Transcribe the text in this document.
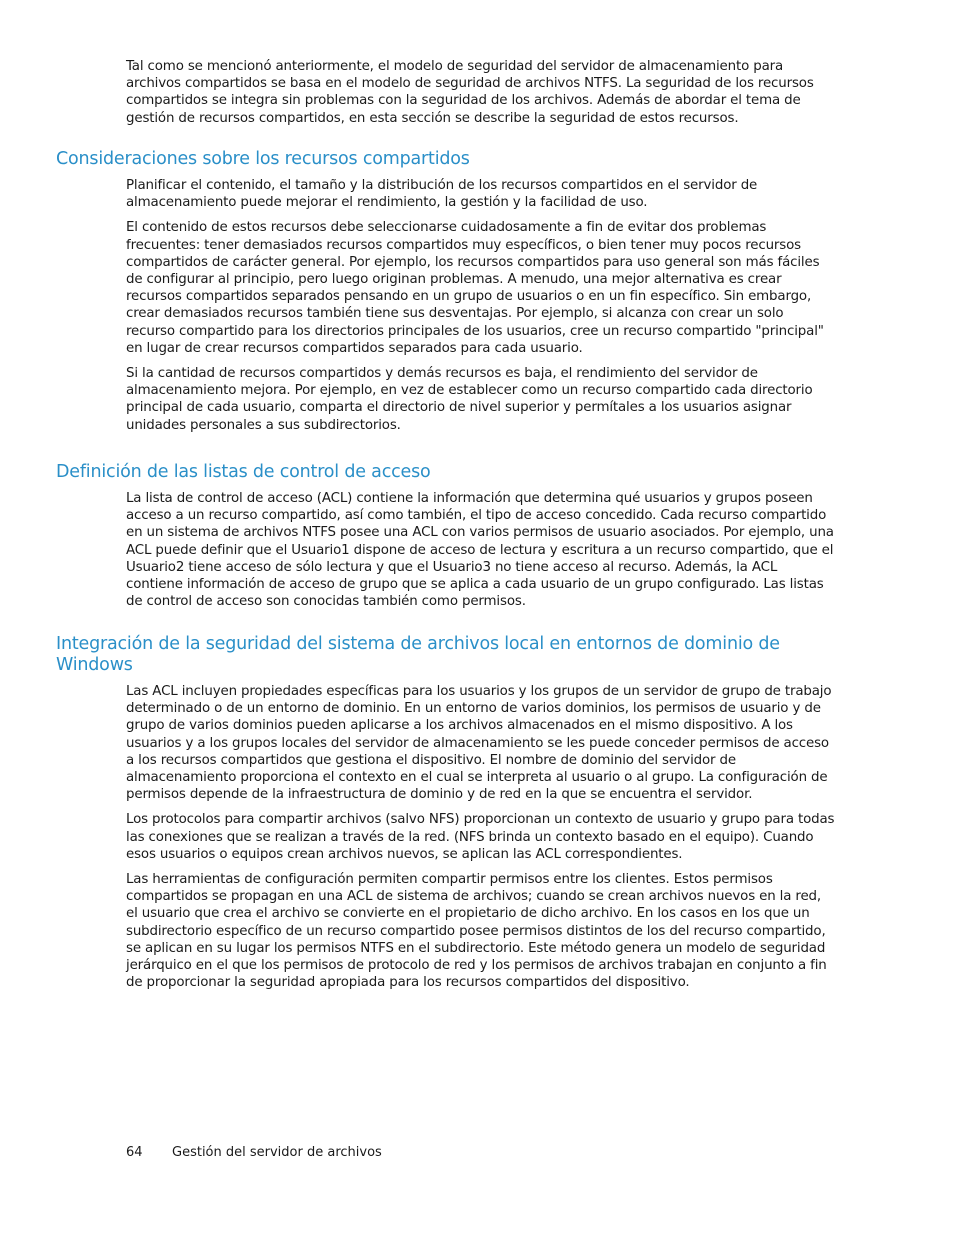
Tal como se mencionó anteriormente, el modelo de seguridad del servidor de almacenamiento para archivos compartidos se basa en el modelo de seguridad de archivos NTFS. La seguridad de los recursos compartidos se integra sin problemas con la seguridad de los archivos. Además de abordar el tema de gestión de recursos compartidos, en esta sección se describe la seguridad de estos recursos.

Consideraciones sobre los recursos compartidos

Planificar el contenido, el tamaño y la distribución de los recursos compartidos en el servidor de almacenamiento puede mejorar el rendimiento, la gestión y la facilidad de uso.

El contenido de estos recursos debe seleccionarse cuidadosamente a fin de evitar dos problemas frecuentes: tener demasiados recursos compartidos muy específicos, o bien tener muy pocos recursos compartidos de carácter general. Por ejemplo, los recursos compartidos para uso general son más fáciles de configurar al principio, pero luego originan problemas. A menudo, una mejor alternativa es crear recursos compartidos separados pensando en un grupo de usuarios o en un fin específico. Sin embargo, crear demasiados recursos también tiene sus desventajas. Por ejemplo, si alcanza con crear un solo recurso compartido para los directorios principales de los usuarios, cree un recurso compartido "principal" en lugar de crear recursos compartidos separados para cada usuario.

Si la cantidad de recursos compartidos y demás recursos es baja, el rendimiento del servidor de almacenamiento mejora. Por ejemplo, en vez de establecer como un recurso compartido cada directorio principal de cada usuario, comparta el directorio de nivel superior y permítales a los usuarios asignar unidades personales a sus subdirectorios.

Definición de las listas de control de acceso

La lista de control de acceso (ACL) contiene la información que determina qué usuarios y grupos poseen acceso a un recurso compartido, así como también, el tipo de acceso concedido. Cada recurso compartido en un sistema de archivos NTFS posee una ACL con varios permisos de usuario asociados. Por ejemplo, una ACL puede definir que el Usuario1 dispone de acceso de lectura y escritura a un recurso compartido, que el Usuario2 tiene acceso de sólo lectura y que el Usuario3 no tiene acceso al recurso. Además, la ACL contiene información de acceso de grupo que se aplica a cada usuario de un grupo configurado. Las listas de control de acceso son conocidas también como permisos.

Integración de la seguridad del sistema de archivos local en entornos de dominio de Windows

Las ACL incluyen propiedades específicas para los usuarios y los grupos de un servidor de grupo de trabajo determinado o de un entorno de dominio. En un entorno de varios dominios, los permisos de usuario y de grupo de varios dominios pueden aplicarse a los archivos almacenados en el mismo dispositivo. A los usuarios y a los grupos locales del servidor de almacenamiento se les puede conceder permisos de acceso a los recursos compartidos que gestiona el dispositivo. El nombre de dominio del servidor de almacenamiento proporciona el contexto en el cual se interpreta al usuario o al grupo. La configuración de permisos depende de la infraestructura de dominio y de red en la que se encuentra el servidor.

Los protocolos para compartir archivos (salvo NFS) proporcionan un contexto de usuario y grupo para todas las conexiones que se realizan a través de la red. (NFS brinda un contexto basado en el equipo). Cuando esos usuarios o equipos crean archivos nuevos, se aplican las ACL correspondientes.

Las herramientas de configuración permiten compartir permisos entre los clientes. Estos permisos compartidos se propagan en una ACL de sistema de archivos; cuando se crean archivos nuevos en la red, el usuario que crea el archivo se convierte en el propietario de dicho archivo. En los casos en los que un subdirectorio específico de un recurso compartido posee permisos distintos de los del recurso compartido, se aplican en su lugar los permisos NTFS en el subdirectorio. Este método genera un modelo de seguridad jerárquico en el que los permisos de protocolo de red y los permisos de archivos trabajan en conjunto a fin de proporcionar la seguridad apropiada para los recursos compartidos del dispositivo.

64 Gestión del servidor de archivos
